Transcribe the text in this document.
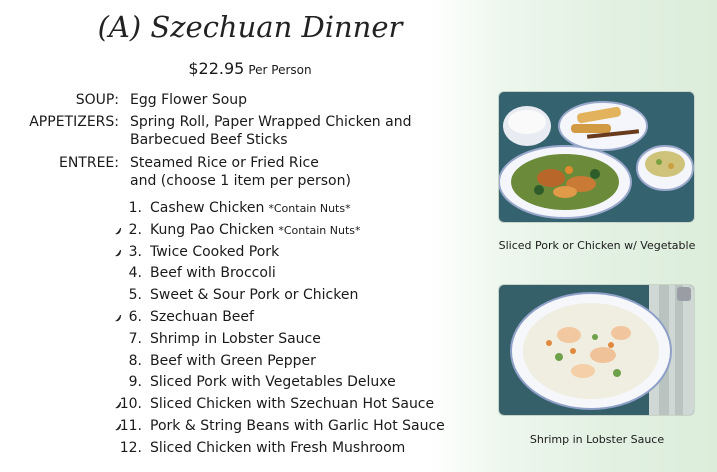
(A) Szechuan Dinner
$22.95 Per Person
SOUP: Egg Flower Soup
APPETIZERS: Spring Roll, Paper Wrapped Chicken and
Barbecued Beef Sticks
ENTREE: Steamed Rice or Fried Rice
and (choose 1 item per person)
1. Cashew Chicken *Contain Nuts*
2. Kung Pao Chicken *Contain Nuts*
3. Twice Cooked Pork
4. Beef with Broccoli
5. Sweet & Sour Pork or Chicken
6. Szechuan Beef
7. Shrimp in Lobster Sauce
8. Beef with Green Pepper
9. Sliced Pork with Vegetables Deluxe
10. Sliced Chicken with Szechuan Hot Sauce
11. Pork & String Beans with Garlic Hot Sauce
12. Sliced Chicken with Fresh Mushroom
Sliced Pork or Chicken w/ Vegetable
Shrimp in Lobster Sauce
